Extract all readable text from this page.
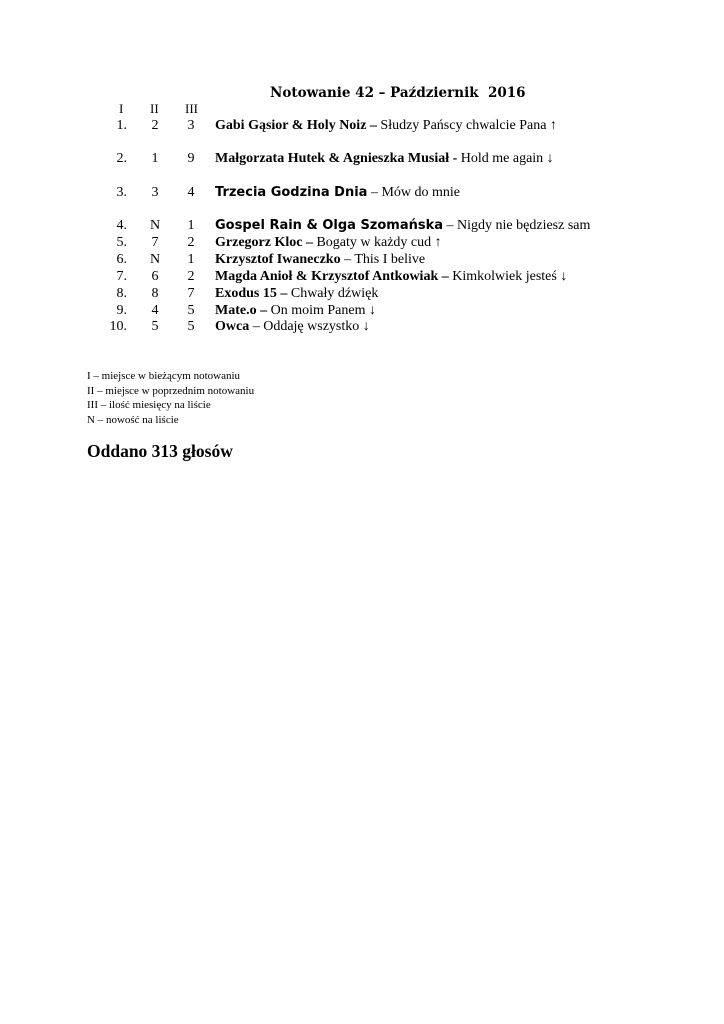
Notowanie 42 – Październik  2016
I II III
1.	2	3	Gabi Gąsior & Holy Noiz – Słudzy Pańscy chwalcie Pana ↑
2.	1	9	Małgorzata Hutek & Agnieszka Musiał - Hold me again ↓
3.	3	4	Trzecia Godzina Dnia – Mów do mnie
4.	N	1	Gospel Rain & Olga Szomańska – Nigdy nie będziesz sam
5.	7	2	Grzegorz Kloc – Bogaty w każdy cud ↑
6.	N	1	Krzysztof Iwaneczko – This I belive
7.	6	2	Magda Anioł & Krzysztof Antkowiak – Kimkolwiek jesteś ↓
8.	8	7	Exodus 15 – Chwały dźwięk
9.	4	5	Mate.o – On moim Panem ↓
10.	5	5	Owca – Oddaję wszystko ↓
I – miejsce w bieżącym notowaniu
II – miejsce w poprzednim notowaniu
III – ilość miesięcy na liście
N – nowość na liście
Oddano 313 głosów
